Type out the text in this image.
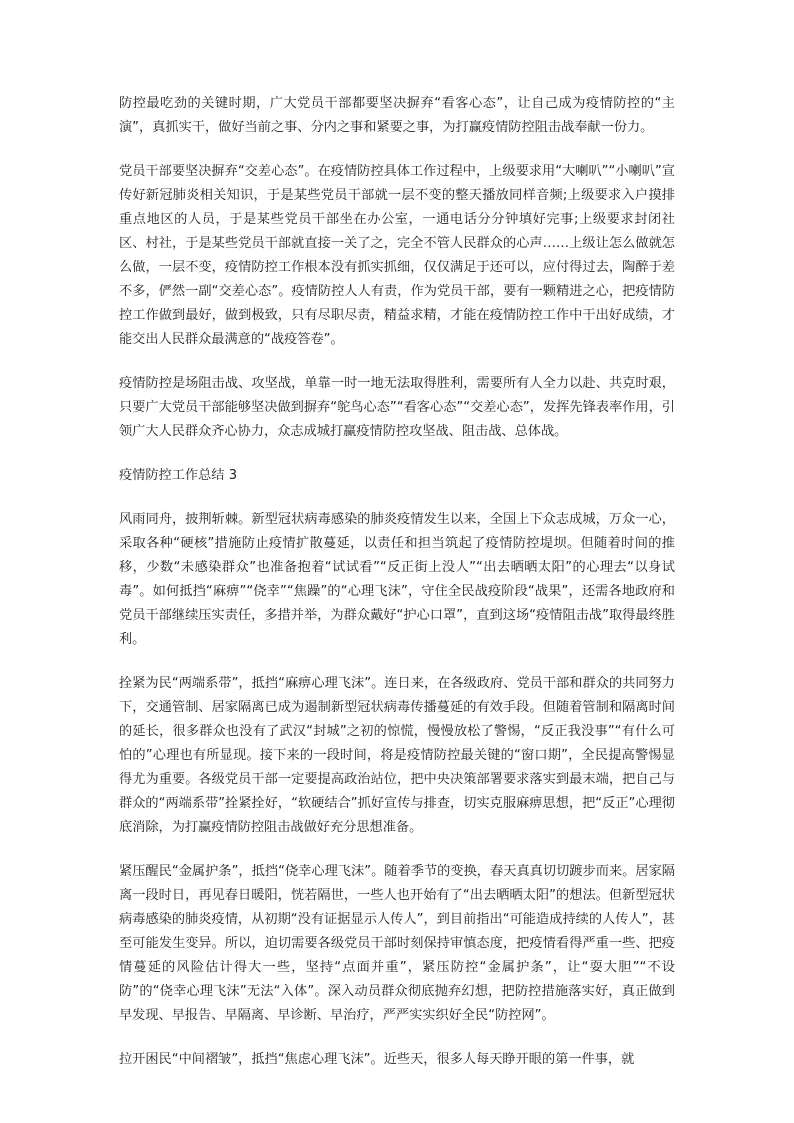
防控最吃劲的关键时期，广大党员干部都要坚决摒弃“看客心态”，让自己成为疫情防控的“主演”，真抓实干，做好当前之事、分内之事和紧要之事，为打赢疫情防控阻击战奉献一份力。

党员干部要坚决摒弃“交差心态”。在疫情防控具体工作过程中，上级要求用“大喇叭”“小喇叭”宣传好新冠肺炎相关知识，于是某些党员干部就一层不变的整天播放同样音频;上级要求入户摸排重点地区的人员，于是某些党员干部坐在办公室，一通电话分分钟填好完事;上级要求封闭社区、村社，于是某些党员干部就直接一关了之，完全不管人民群众的心声……上级让怎么做就怎么做，一层不变，疫情防控工作根本没有抓实抓细，仅仅满足于还可以，应付得过去，陶醉于差不多，俨然一副“交差心态”。疫情防控人人有责，作为党员干部，要有一颗精进之心，把疫情防控工作做到最好，做到极致，只有尽职尽责，精益求精，才能在疫情防控工作中干出好成绩，才能交出人民群众最满意的“战疫答卷”。

疫情防控是场阻击战、攻坚战，单靠一时一地无法取得胜利，需要所有人全力以赴、共克时艰，只要广大党员干部能够坚决做到摒弃“鸵鸟心态”“看客心态”“交差心态”，发挥先锋表率作用，引领广大人民群众齐心协力，众志成城打赢疫情防控攻坚战、阻击战、总体战。

疫情防控工作总结 3

风雨同舟，披荆斩棘。新型冠状病毒感染的肺炎疫情发生以来，全国上下众志成城，万众一心，采取各种“硬核”措施防止疫情扩散蔓延，以责任和担当筑起了疫情防控堤坝。但随着时间的推移，少数“未感染群众”也准备抱着“试试看”“反正街上没人”“出去晒晒太阳”的心理去“以身试毒”。如何抵挡“麻痹”“侥幸”“焦躁”的“心理飞沫”，守住全民战疫阶段“战果”，还需各地政府和党员干部继续压实责任，多措并举，为群众戴好“护心口罩”，直到这场“疫情阻击战”取得最终胜利。

拴紧为民“两端系带”，抵挡“麻痹心理飞沫”。连日来，在各级政府、党员干部和群众的共同努力下，交通管制、居家隔离已成为遏制新型冠状病毒传播蔓延的有效手段。但随着管制和隔离时间的延长，很多群众也没有了武汉“封城”之初的惊慌，慢慢放松了警惕，“反正我没事”“有什么可怕的”心理也有所显现。接下来的一段时间，将是疫情防控最关键的“窗口期”，全民提高警惕显得尤为重要。各级党员干部一定要提高政治站位，把中央决策部署要求落实到最末端，把自己与群众的“两端系带”拴紧拴好，“软硬结合”抓好宣传与排查，切实克服麻痹思想，把“反正”心理彻底消除，为打赢疫情防控阻击战做好充分思想准备。

紧压醒民“金属护条”，抵挡“侥幸心理飞沫”。随着季节的变换，春天真真切切踱步而来。居家隔离一段时日，再见春日暖阳，恍若隔世，一些人也开始有了“出去晒晒太阳”的想法。但新型冠状病毒感染的肺炎疫情，从初期“没有证据显示人传人”，到目前指出“可能造成持续的人传人”，甚至可能发生变异。所以，迫切需要各级党员干部时刻保持审慎态度，把疫情看得严重一些、把疫情蔓延的风险估计得大一些，坚持“点面并重”，紧压防控“金属护条”，让“耍大胆”“不设防”的“侥幸心理飞沫”无法“入体”。深入动员群众彻底抛弃幻想，把防控措施落实好，真正做到早发现、早报告、早隔离、早诊断、早治疗，严严实实织好全民“防控网”。

拉开困民“中间褶皱”，抵挡“焦虑心理飞沫”。近些天，很多人每天睁开眼的第一件事，就
